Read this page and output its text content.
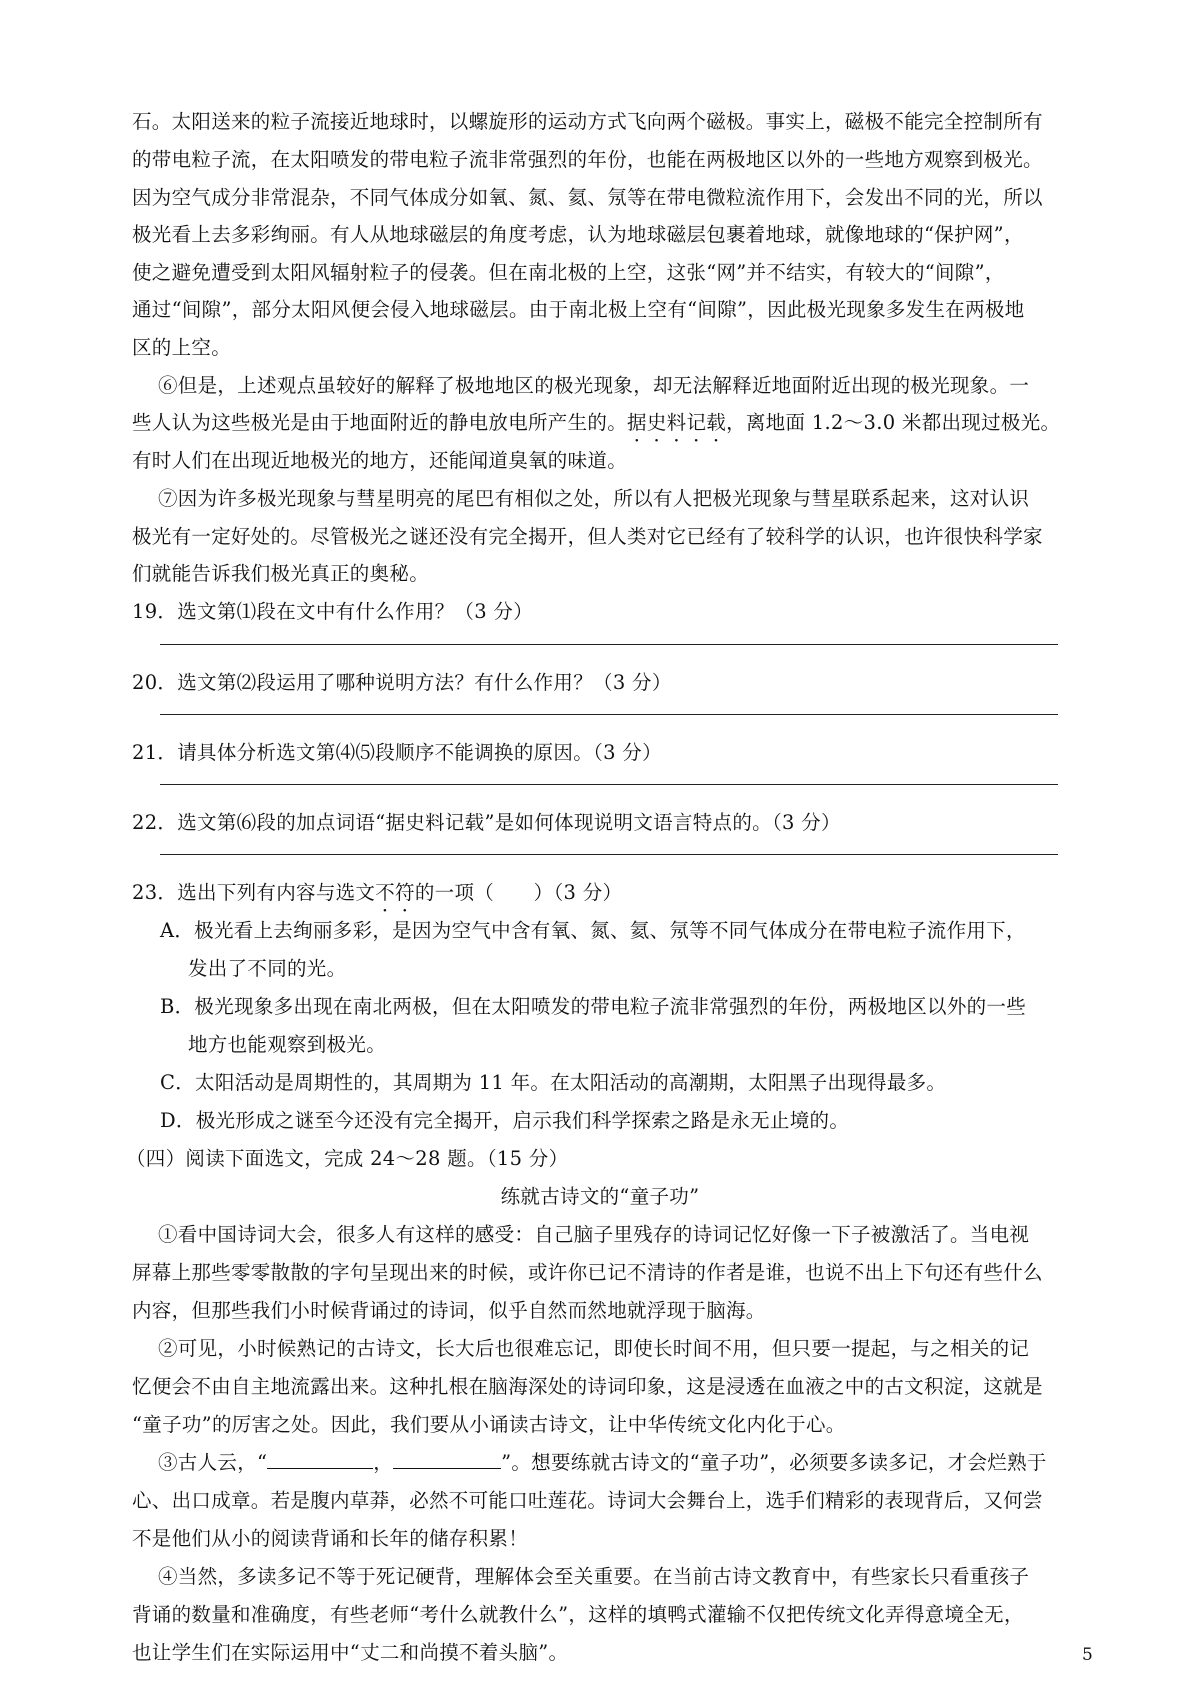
石。太阳送来的粒子流接近地球时，以螺旋形的运动方式飞向两个磁极。事实上，磁极不能完全控制所有
的带电粒子流，在太阳喷发的带电粒子流非常强烈的年份，也能在两极地区以外的一些地方观察到极光。
因为空气成分非常混杂，不同气体成分如氧、氮、氦、氖等在带电微粒流作用下，会发出不同的光，所以
极光看上去多彩绚丽。有人从地球磁层的角度考虑，认为地球磁层包裹着地球，就像地球的“保护网”，
使之避免遭受到太阳风辐射粒子的侵袭。但在南北极的上空，这张“网”并不结实，有较大的“间隙”，
通过“间隙”，部分太阳风便会侵入地球磁层。由于南北极上空有“间隙”，因此极光现象多发生在两极地
区的上空。
⑥但是，上述观点虽较好的解释了极地地区的极光现象，却无法解释近地面附近出现的极光现象。一
些人认为这些极光是由于地面附近的静电放电所产生的。据史料记载，离地面 1.2～3.0 米都出现过极光。
有时人们在出现近地极光的地方，还能闻道臭氧的味道。
⑦因为许多极光现象与彗星明亮的尾巴有相似之处，所以有人把极光现象与彗星联系起来，这对认识
极光有一定好处的。尽管极光之谜还没有完全揭开，但人类对它已经有了较科学的认识，也许很快科学家
们就能告诉我们极光真正的奥秘。
19．选文第⑴段在文中有什么作用？（3 分）
20．选文第⑵段运用了哪种说明方法？有什么作用？（3 分）
21．请具体分析选文第⑷⑸段顺序不能调换的原因。（3 分）
22．选文第⑹段的加点词语“据史料记载”是如何体现说明文语言特点的。（3 分）
23．选出下列有内容与选文不符的一项（　　）（3 分）
A．极光看上去绚丽多彩，是因为空气中含有氧、氮、氦、氖等不同气体成分在带电粒子流作用下，
发出了不同的光。
B．极光现象多出现在南北两极，但在太阳喷发的带电粒子流非常强烈的年份，两极地区以外的一些
地方也能观察到极光。
C．太阳活动是周期性的，其周期为 11 年。在太阳活动的高潮期，太阳黑子出现得最多。
D．极光形成之谜至今还没有完全揭开，启示我们科学探索之路是永无止境的。
（四）阅读下面选文，完成 24～28 题。（15 分）
练就古诗文的“童子功”
①看中国诗词大会，很多人有这样的感受：自己脑子里残存的诗词记忆好像一下子被激活了。当电视
屏幕上那些零零散散的字句呈现出来的时候，或许你已记不清诗的作者是谁，也说不出上下句还有些什么
内容，但那些我们小时候背诵过的诗词，似乎自然而然地就浮现于脑海。
②可见，小时候熟记的古诗文，长大后也很难忘记，即使长时间不用，但只要一提起，与之相关的记
忆便会不由自主地流露出来。这种扎根在脑海深处的诗词印象，这是浸透在血液之中的古文积淀，这就是
“童子功”的厉害之处。因此，我们要从小诵读古诗文，让中华传统文化内化于心。
③古人云，“	，	”。想要练就古诗文的“童子功”，必须要多读多记，才会烂熟于
心、出口成章。若是腹内草莽，必然不可能口吐莲花。诗词大会舞台上，选手们精彩的表现背后，又何尝
不是他们从小的阅读背诵和长年的储存积累！
④当然，多读多记不等于死记硬背，理解体会至关重要。在当前古诗文教育中，有些家长只看重孩子
背诵的数量和准确度，有些老师“考什么就教什么”，这样的填鸭式灌输不仅把传统文化弄得意境全无，
也让学生们在实际运用中“丈二和尚摸不着头脑”。	5
